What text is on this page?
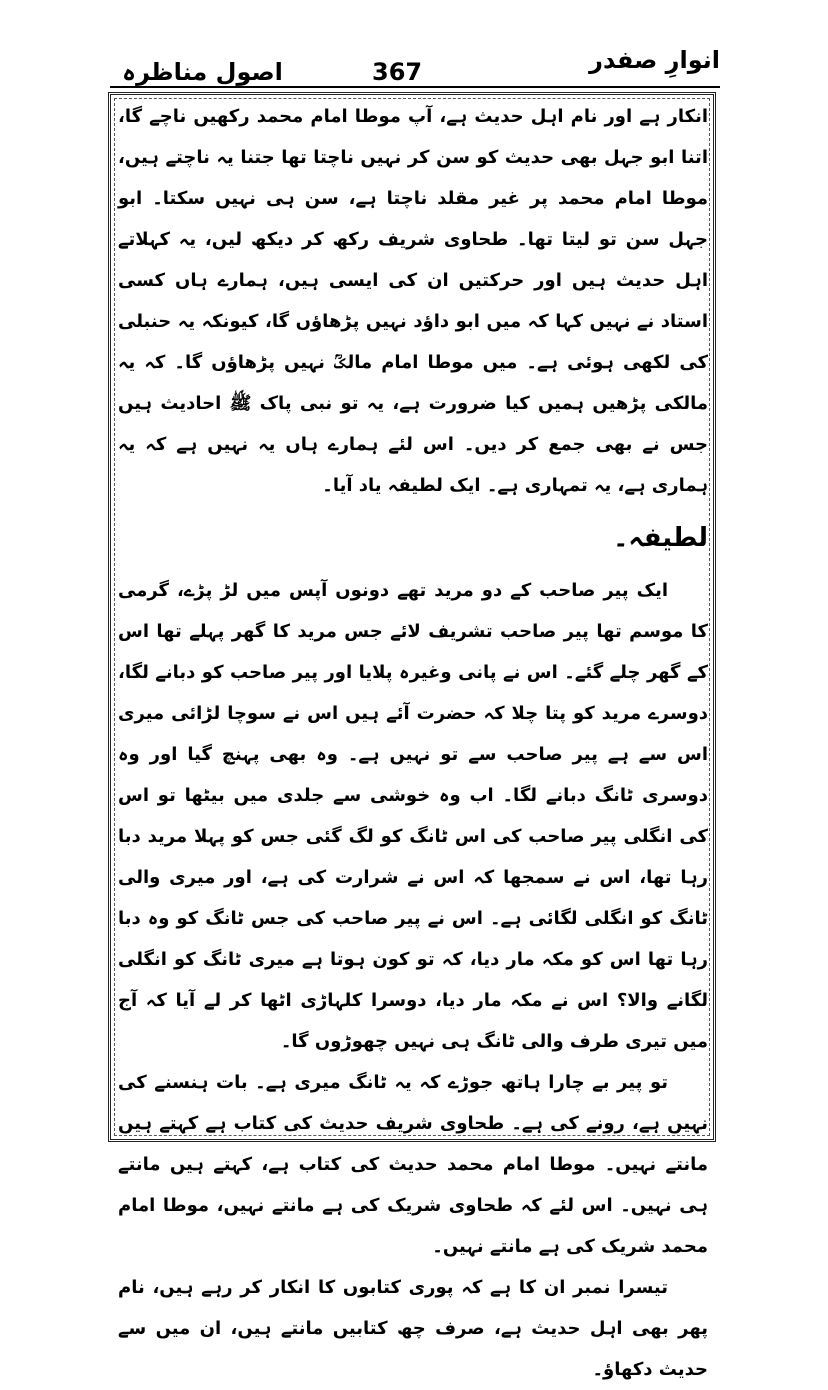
انوارِ صفدر
367
اصول مناظرہ

انکار ہے اور نام اہل حدیث ہے، آپ موطا امام محمد رکھیں ناچے گا، اتنا ابو جہل بھی حدیث کو سن کر نہیں ناچتا تھا جتنا یہ ناچتے ہیں، موطا امام محمد پر غیر مقلد ناچتا ہے، سن ہی نہیں سکتا۔ ابو جہل سن تو لیتا تھا۔ طحاوی شریف رکھ کر دیکھ لیں، یہ کہلاتے اہل حدیث ہیں اور حرکتیں ان کی ایسی ہیں، ہمارے ہاں کسی استاد نے نہیں کہا کہ میں ابو داؤد نہیں پڑھاؤں گا، کیونکہ یہ حنبلی کی لکھی ہوئی ہے۔ میں موطا امام مالکؒ نہیں پڑھاؤں گا۔ کہ یہ مالکی پڑھیں ہمیں کیا ضرورت ہے، یہ تو نبی پاک ﷺ احادیث ہیں جس نے بھی جمع کر دیں۔ اس لئے ہمارے ہاں یہ نہیں ہے کہ یہ ہماری ہے، یہ تمہاری ہے۔ ایک لطیفہ یاد آیا۔

لطیفہ۔

ایک پیر صاحب کے دو مرید تھے دونوں آپس میں لڑ پڑے، گرمی کا موسم تھا پیر صاحب تشریف لائے جس مرید کا گھر پہلے تھا اس کے گھر چلے گئے۔ اس نے پانی وغیرہ پلایا اور پیر صاحب کو دبانے لگا، دوسرے مرید کو پتا چلا کہ حضرت آئے ہیں اس نے سوچا لڑائی میری اس سے ہے پیر صاحب سے تو نہیں ہے۔ وہ بھی پہنچ گیا اور وہ دوسری ٹانگ دبانے لگا۔ اب وہ خوشی سے جلدی میں بیٹھا تو اس کی انگلی پیر صاحب کی اس ٹانگ کو لگ گئی جس کو پہلا مرید دبا رہا تھا، اس نے سمجھا کہ اس نے شرارت کی ہے، اور میری والی ٹانگ کو انگلی لگائی ہے۔ اس نے پیر صاحب کی جس ٹانگ کو وہ دبا رہا تھا اس کو مکہ مار دیا، کہ تو کون ہوتا ہے میری ٹانگ کو انگلی لگانے والا؟ اس نے مکہ مار دیا، دوسرا کلہاڑی اٹھا کر لے آیا کہ آج میں تیری طرف والی ٹانگ ہی نہیں چھوڑوں گا۔

تو پیر بے چارا ہاتھ جوڑے کہ یہ ٹانگ میری ہے۔ بات ہنسنے کی نہیں ہے، رونے کی ہے۔ طحاوی شریف حدیث کی کتاب ہے کہتے ہیں مانتے نہیں۔ موطا امام محمد حدیث کی کتاب ہے، کہتے ہیں مانتے ہی نہیں۔ اس لئے کہ طحاوی شریک کی ہے مانتے نہیں، موطا امام محمد شریک کی ہے مانتے نہیں۔

تیسرا نمبر ان کا ہے کہ پوری کتابوں کا انکار کر رہے ہیں، نام پھر بھی اہل حدیث ہے، صرف چھ کتابیں مانتے ہیں، ان میں سے حدیث دکھاؤ۔
